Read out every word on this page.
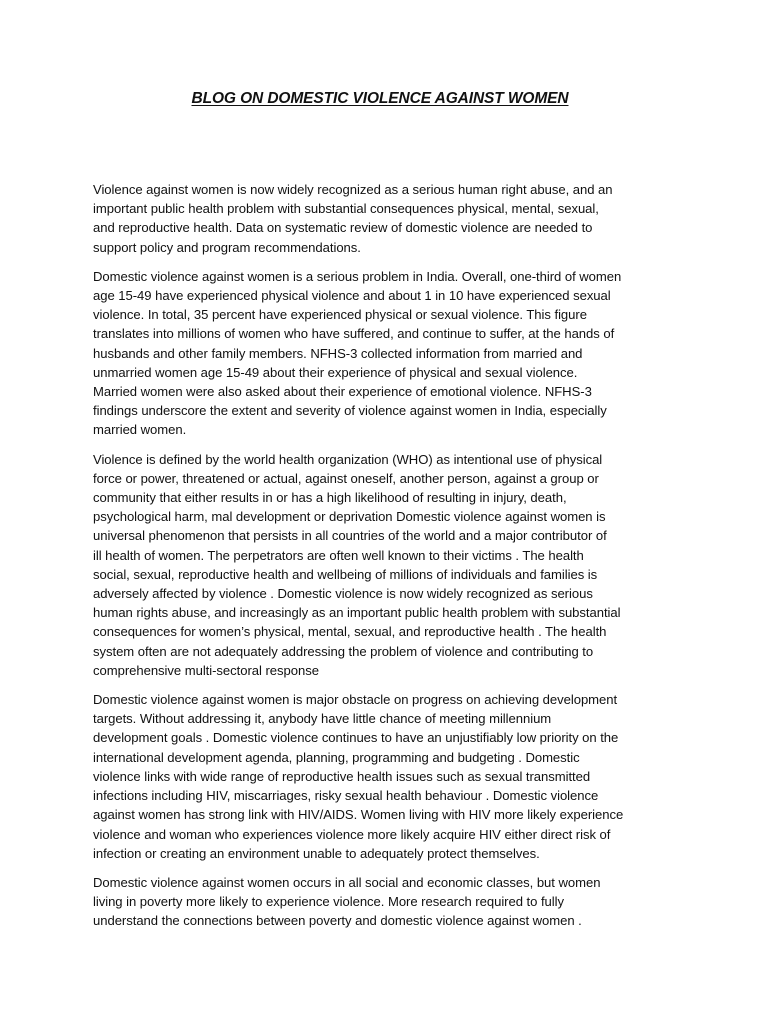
BLOG ON DOMESTIC VIOLENCE AGAINST WOMEN

Violence against women is now widely recognized as a serious human right abuse, and an
important public health problem with substantial consequences physical, mental, sexual,
and reproductive health. Data on systematic review of domestic violence are needed to
support policy and program recommendations.

Domestic violence against women is a serious problem in India. Overall, one-third of women
age 15-49 have experienced physical violence and about 1 in 10 have experienced sexual
violence. In total, 35 percent have experienced physical or sexual violence. This figure
translates into millions of women who have suffered, and continue to suffer, at the hands of
husbands and other family members. NFHS-3 collected information from married and
unmarried women age 15-49 about their experience of physical and sexual violence.
Married women were also asked about their experience of emotional violence. NFHS-3
findings underscore the extent and severity of violence against women in India, especially
married women.

Violence is defined by the world health organization (WHO) as intentional use of physical
force or power, threatened or actual, against oneself, another person, against a group or
community that either results in or has a high likelihood of resulting in injury, death,
psychological harm, mal development or deprivation Domestic violence against women is
universal phenomenon that persists in all countries of the world and a major contributor of
ill health of women. The perpetrators are often well known to their victims . The health
social, sexual, reproductive health and wellbeing of millions of individuals and families is
adversely affected by violence . Domestic violence is now widely recognized as serious
human rights abuse, and increasingly as an important public health problem with substantial
consequences for women’s physical, mental, sexual, and reproductive health . The health
system often are not adequately addressing the problem of violence and contributing to
comprehensive multi-sectoral response

Domestic violence against women is major obstacle on progress on achieving development
targets. Without addressing it, anybody have little chance of meeting millennium
development goals . Domestic violence continues to have an unjustifiably low priority on the
international development agenda, planning, programming and budgeting . Domestic
violence links with wide range of reproductive health issues such as sexual transmitted
infections including HIV, miscarriages, risky sexual health behaviour . Domestic violence
against women has strong link with HIV/AIDS. Women living with HIV more likely experience
violence and woman who experiences violence more likely acquire HIV either direct risk of
infection or creating an environment unable to adequately protect themselves.

Domestic violence against women occurs in all social and economic classes, but women
living in poverty more likely to experience violence. More research required to fully
understand the connections between poverty and domestic violence against women .
